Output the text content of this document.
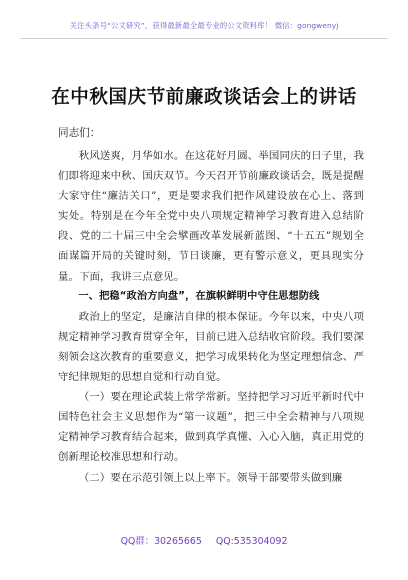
关注头条号“公文研究”，获得最新最全最专业的公文资料库！ 微信：gongwenyj
在中秋国庆节前廉政谈话会上的讲话
同志们：

秋风送爽，月华如水。在这花好月圆、举国同庆的日子里，我们即将迎来中秋、国庆双节。今天召开节前廉政谈话会，既是提醒大家守住“廉洁关口”，更是要求我们把作风建设放在心上、落到实处。特别是在今年全党中央八项规定精神学习教育进入总结阶段、党的二十届三中全会擘画改革发展新蓝图、“十五五”规划全面谋篇开局的关键时刻，节日谈廉，更有警示意义，更具现实分量。下面，我讲三点意见。

一、把稳“政治方向盘”，在旗帜鲜明中守住思想防线

政治上的坚定，是廉洁自律的根本保证。今年以来，中央八项规定精神学习教育贯穿全年，目前已进入总结收官阶段。我们要深刻领会这次教育的重要意义，把学习成果转化为坚定理想信念、严守纪律规矩的思想自觉和行动自觉。

（一）要在理论武装上常学常新。坚持把学习习近平新时代中国特色社会主义思想作为“第一议题”，把三中全会精神与八项规定精神学习教育结合起来，做到真学真懂、入心入脑，真正用党的创新理论校准思想和行动。

（二）要在示范引领上以上率下。领导干部要带头做到廉

QQ群：30265665 QQ:535304092
